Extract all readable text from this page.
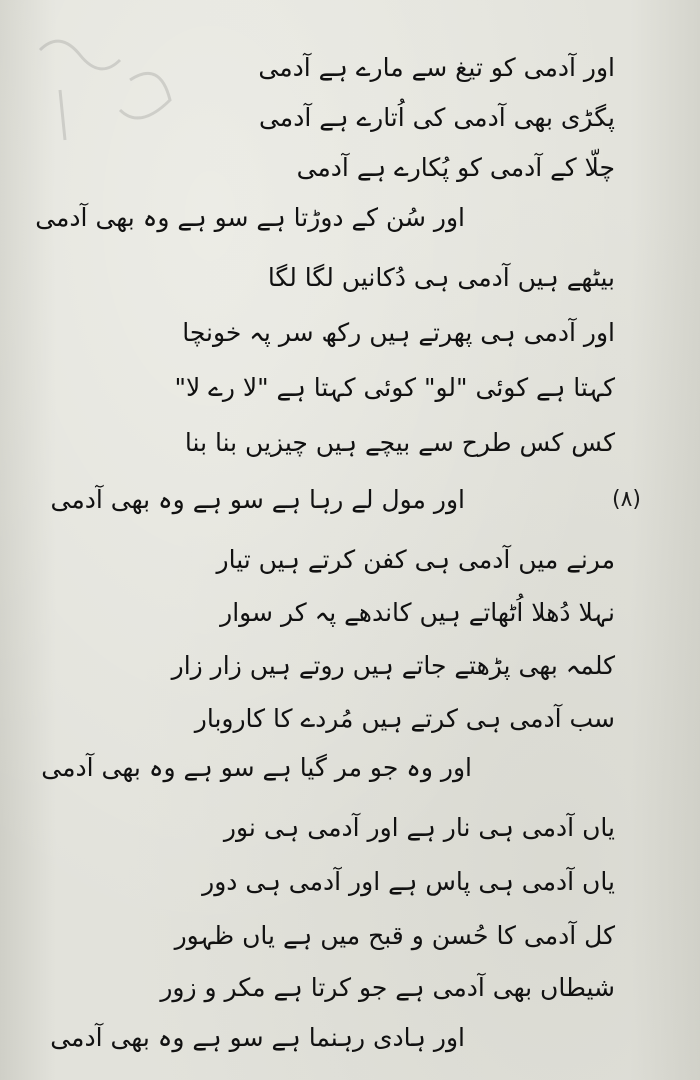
اور آدمی کو تیغ سے مارے ہے آدمی
پگڑی بھی آدمی کی اُتارے ہے آدمی
چلّا کے آدمی کو پُکارے ہے آدمی
اور سُن کے دوڑتا ہے سو ہے وہ بھی آدمی
بیٹھے ہیں آدمی ہی دُکانیں لگا لگا
اور آدمی ہی پھرتے ہیں رکھ سر پہ خونچا
کہتا ہے کوئی "لو" کوئی کہتا ہے "لا رے لا"
کس کس طرح سے بیچے ہیں چیزیں بنا بنا
اور مول لے رہا ہے سو ہے وہ بھی آدمی	(۸)
مرنے میں آدمی ہی کفن کرتے ہیں تیار
نہلا دُھلا اُٹھاتے ہیں کاندھے پہ کر سوار
کلمہ بھی پڑھتے جاتے ہیں روتے ہیں زار زار
سب آدمی ہی کرتے ہیں مُردے کا کاروبار
اور وہ جو مر گیا ہے سو ہے وہ بھی آدمی
یاں آدمی ہی نار ہے اور آدمی ہی نور
یاں آدمی ہی پاس ہے اور آدمی ہی دور
کل آدمی کا حُسن و قبح میں ہے یاں ظہور
شیطاں بھی آدمی ہے جو کرتا ہے مکر و زور
اور ہادی رہنما ہے سو ہے وہ بھی آدمی
